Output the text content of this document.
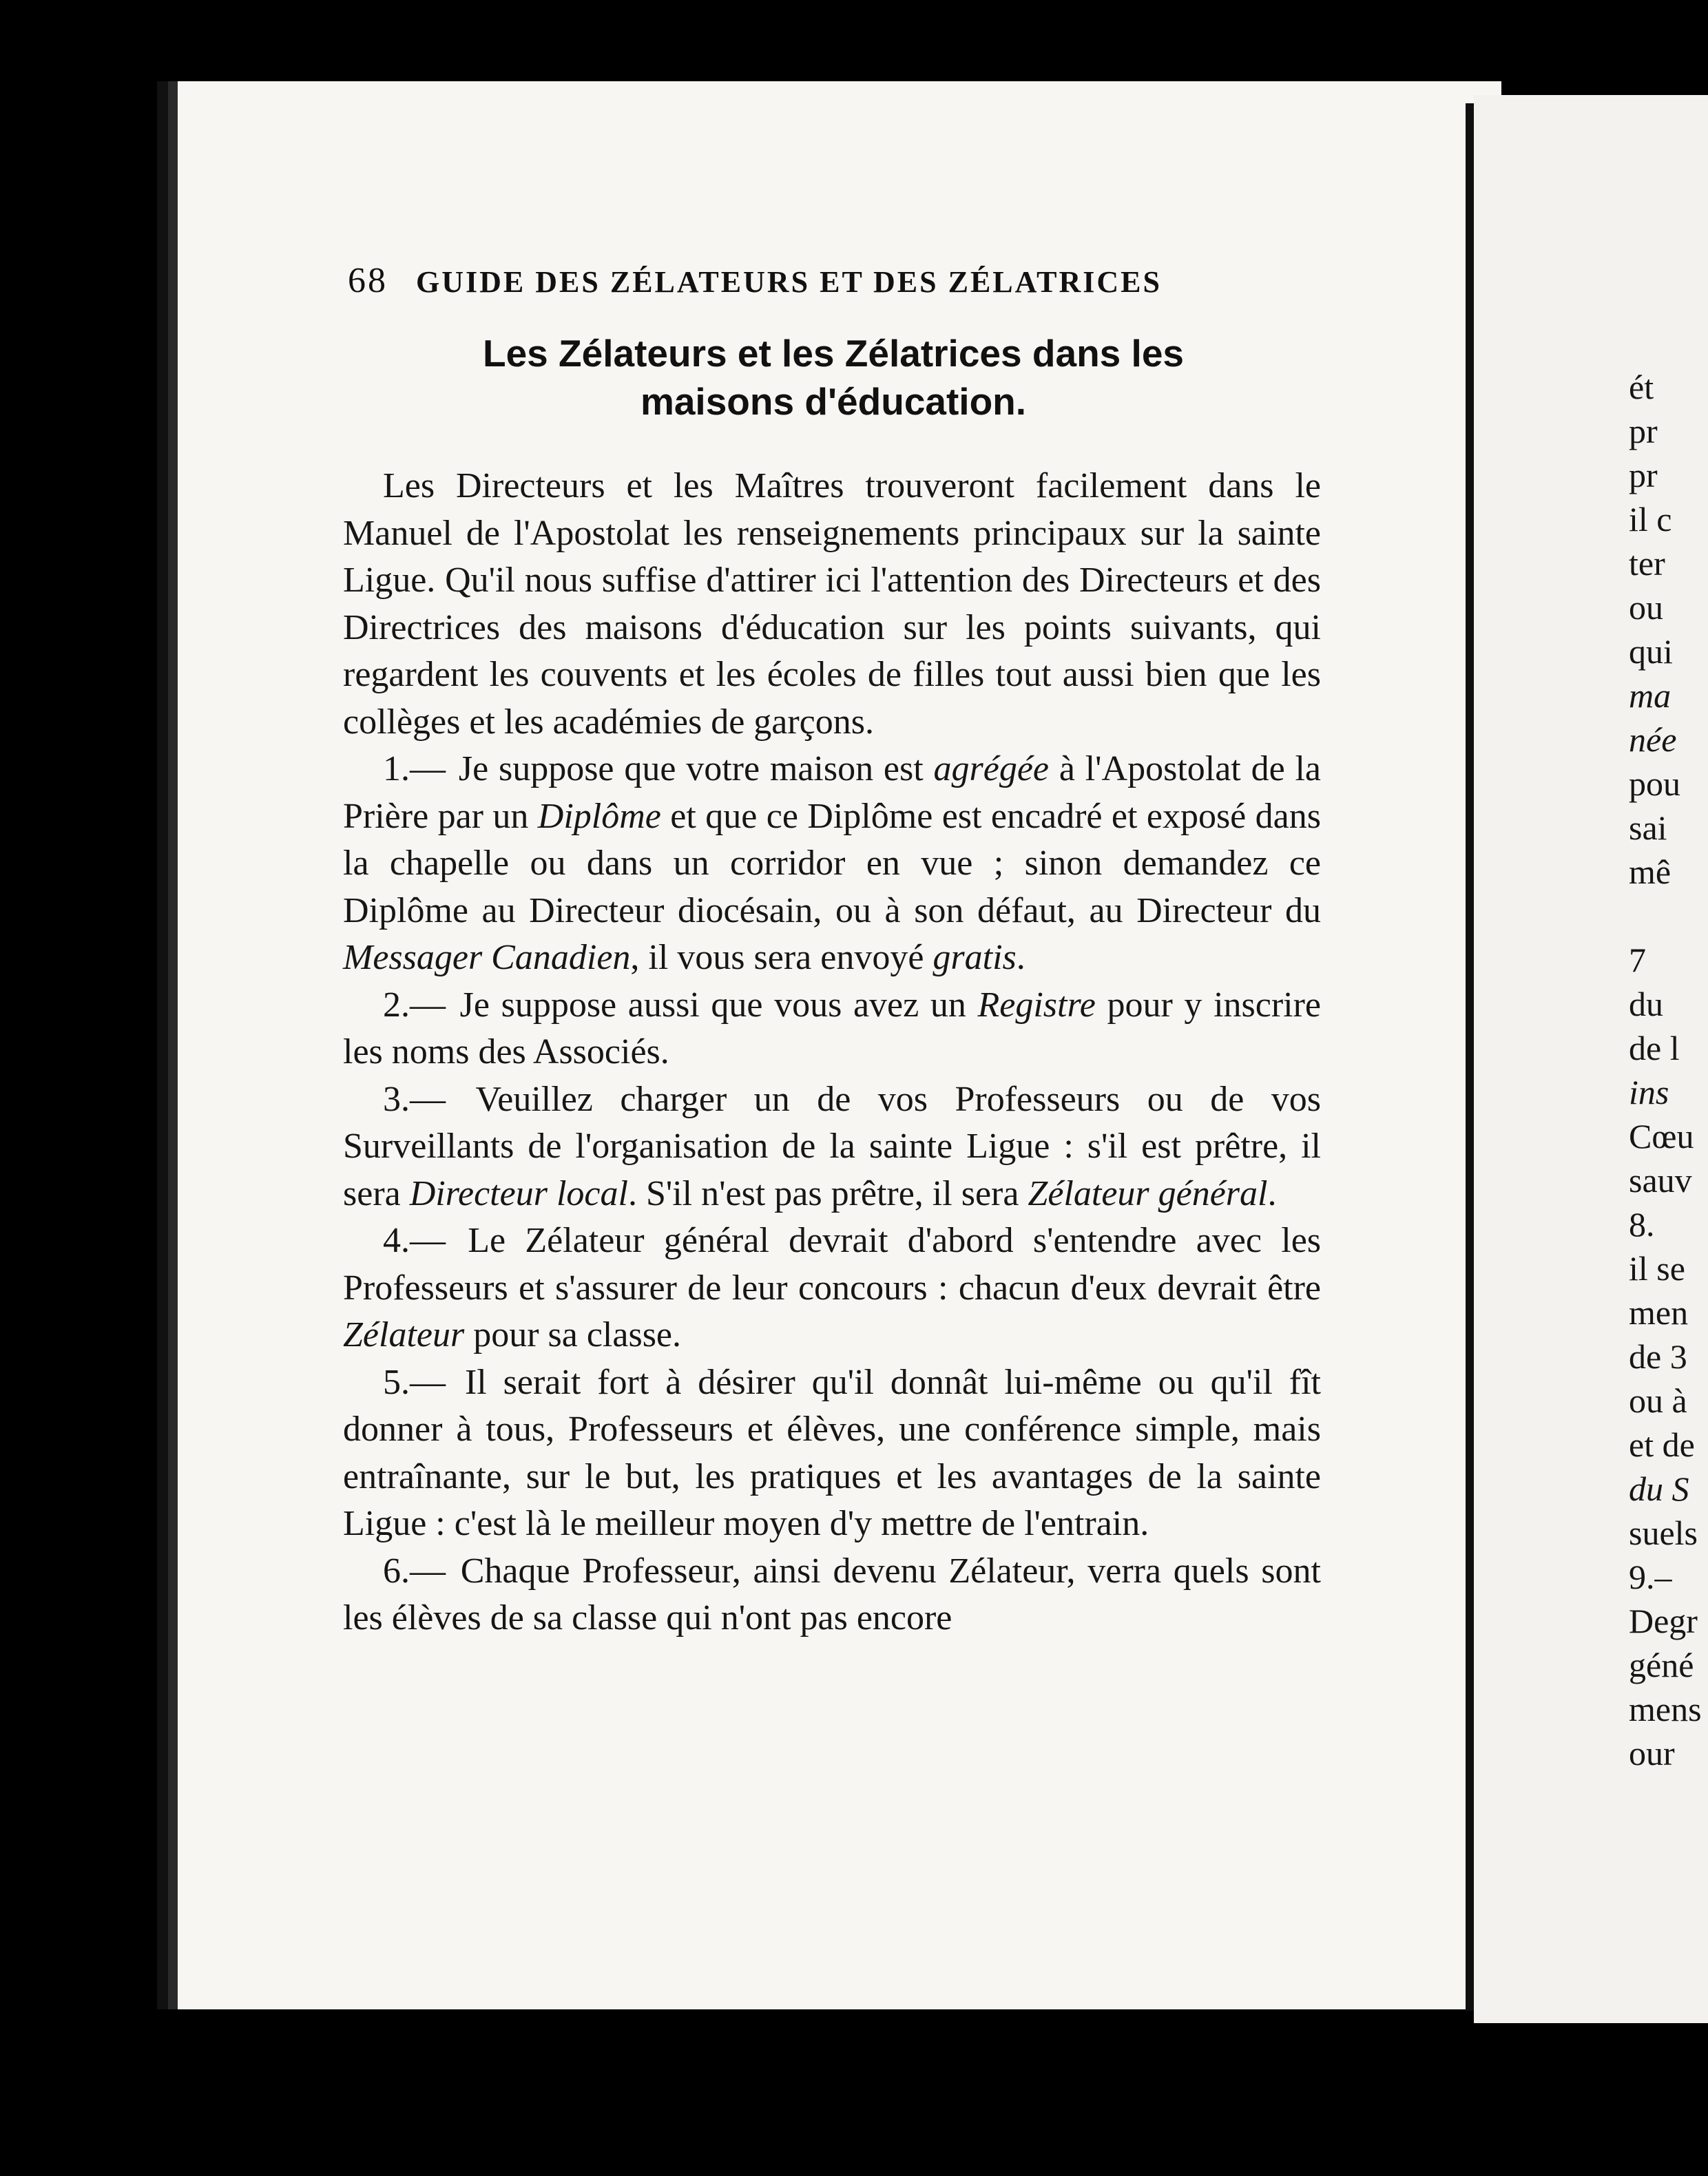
68 GUIDE DES ZÉLATEURS ET DES ZÉLATRICES
Les Zélateurs et les Zélatrices dans les
maisons d'éducation.

Les Directeurs et les Maîtres trouveront facilement dans le Manuel de l'Apostolat les renseignements principaux sur la sainte Ligue. Qu'il nous suffise d'attirer ici l'attention des Directeurs et des Directrices des maisons d'éducation sur les points suivants, qui regardent les couvents et les écoles de filles tout aussi bien que les collèges et les académies de garçons.

1.— Je suppose que votre maison est agrégée à l'Apostolat de la Prière par un Diplôme et que ce Diplôme est encadré et exposé dans la chapelle ou dans un corridor en vue ; sinon demandez ce Diplôme au Directeur diocésain, ou à son défaut, au Directeur du Messager Canadien, il vous sera envoyé gratis.

2.— Je suppose aussi que vous avez un Registre pour y inscrire les noms des Associés.

3.— Veuillez charger un de vos Professeurs ou de vos Surveillants de l'organisation de la sainte Ligue : s'il est prêtre, il sera Directeur local. S'il n'est pas prêtre, il sera Zélateur général.

4.— Le Zélateur général devrait d'abord s'entendre avec les Professeurs et s'assurer de leur concours : chacun d'eux devrait être Zélateur pour sa classe.

5.— Il serait fort à désirer qu'il donnât lui-même ou qu'il fît donner à tous, Professeurs et élèves, une conférence simple, mais entraînante, sur le but, les pratiques et les avantages de la sainte Ligue : c'est là le meilleur moyen d'y mettre de l'entrain.

6.— Chaque Professeur, ainsi devenu Zélateur, verra quels sont les élèves de sa classe qui n'ont pas encore

ét
pr
pr
il c
ter
ou
qui
ma
née
pou
sai
mê
7
du
de l
ins
Cœu
sauv
8.
il se
men
de 3
ou à
et de
du S
suels
9.–
Degr
géné
mens
our
